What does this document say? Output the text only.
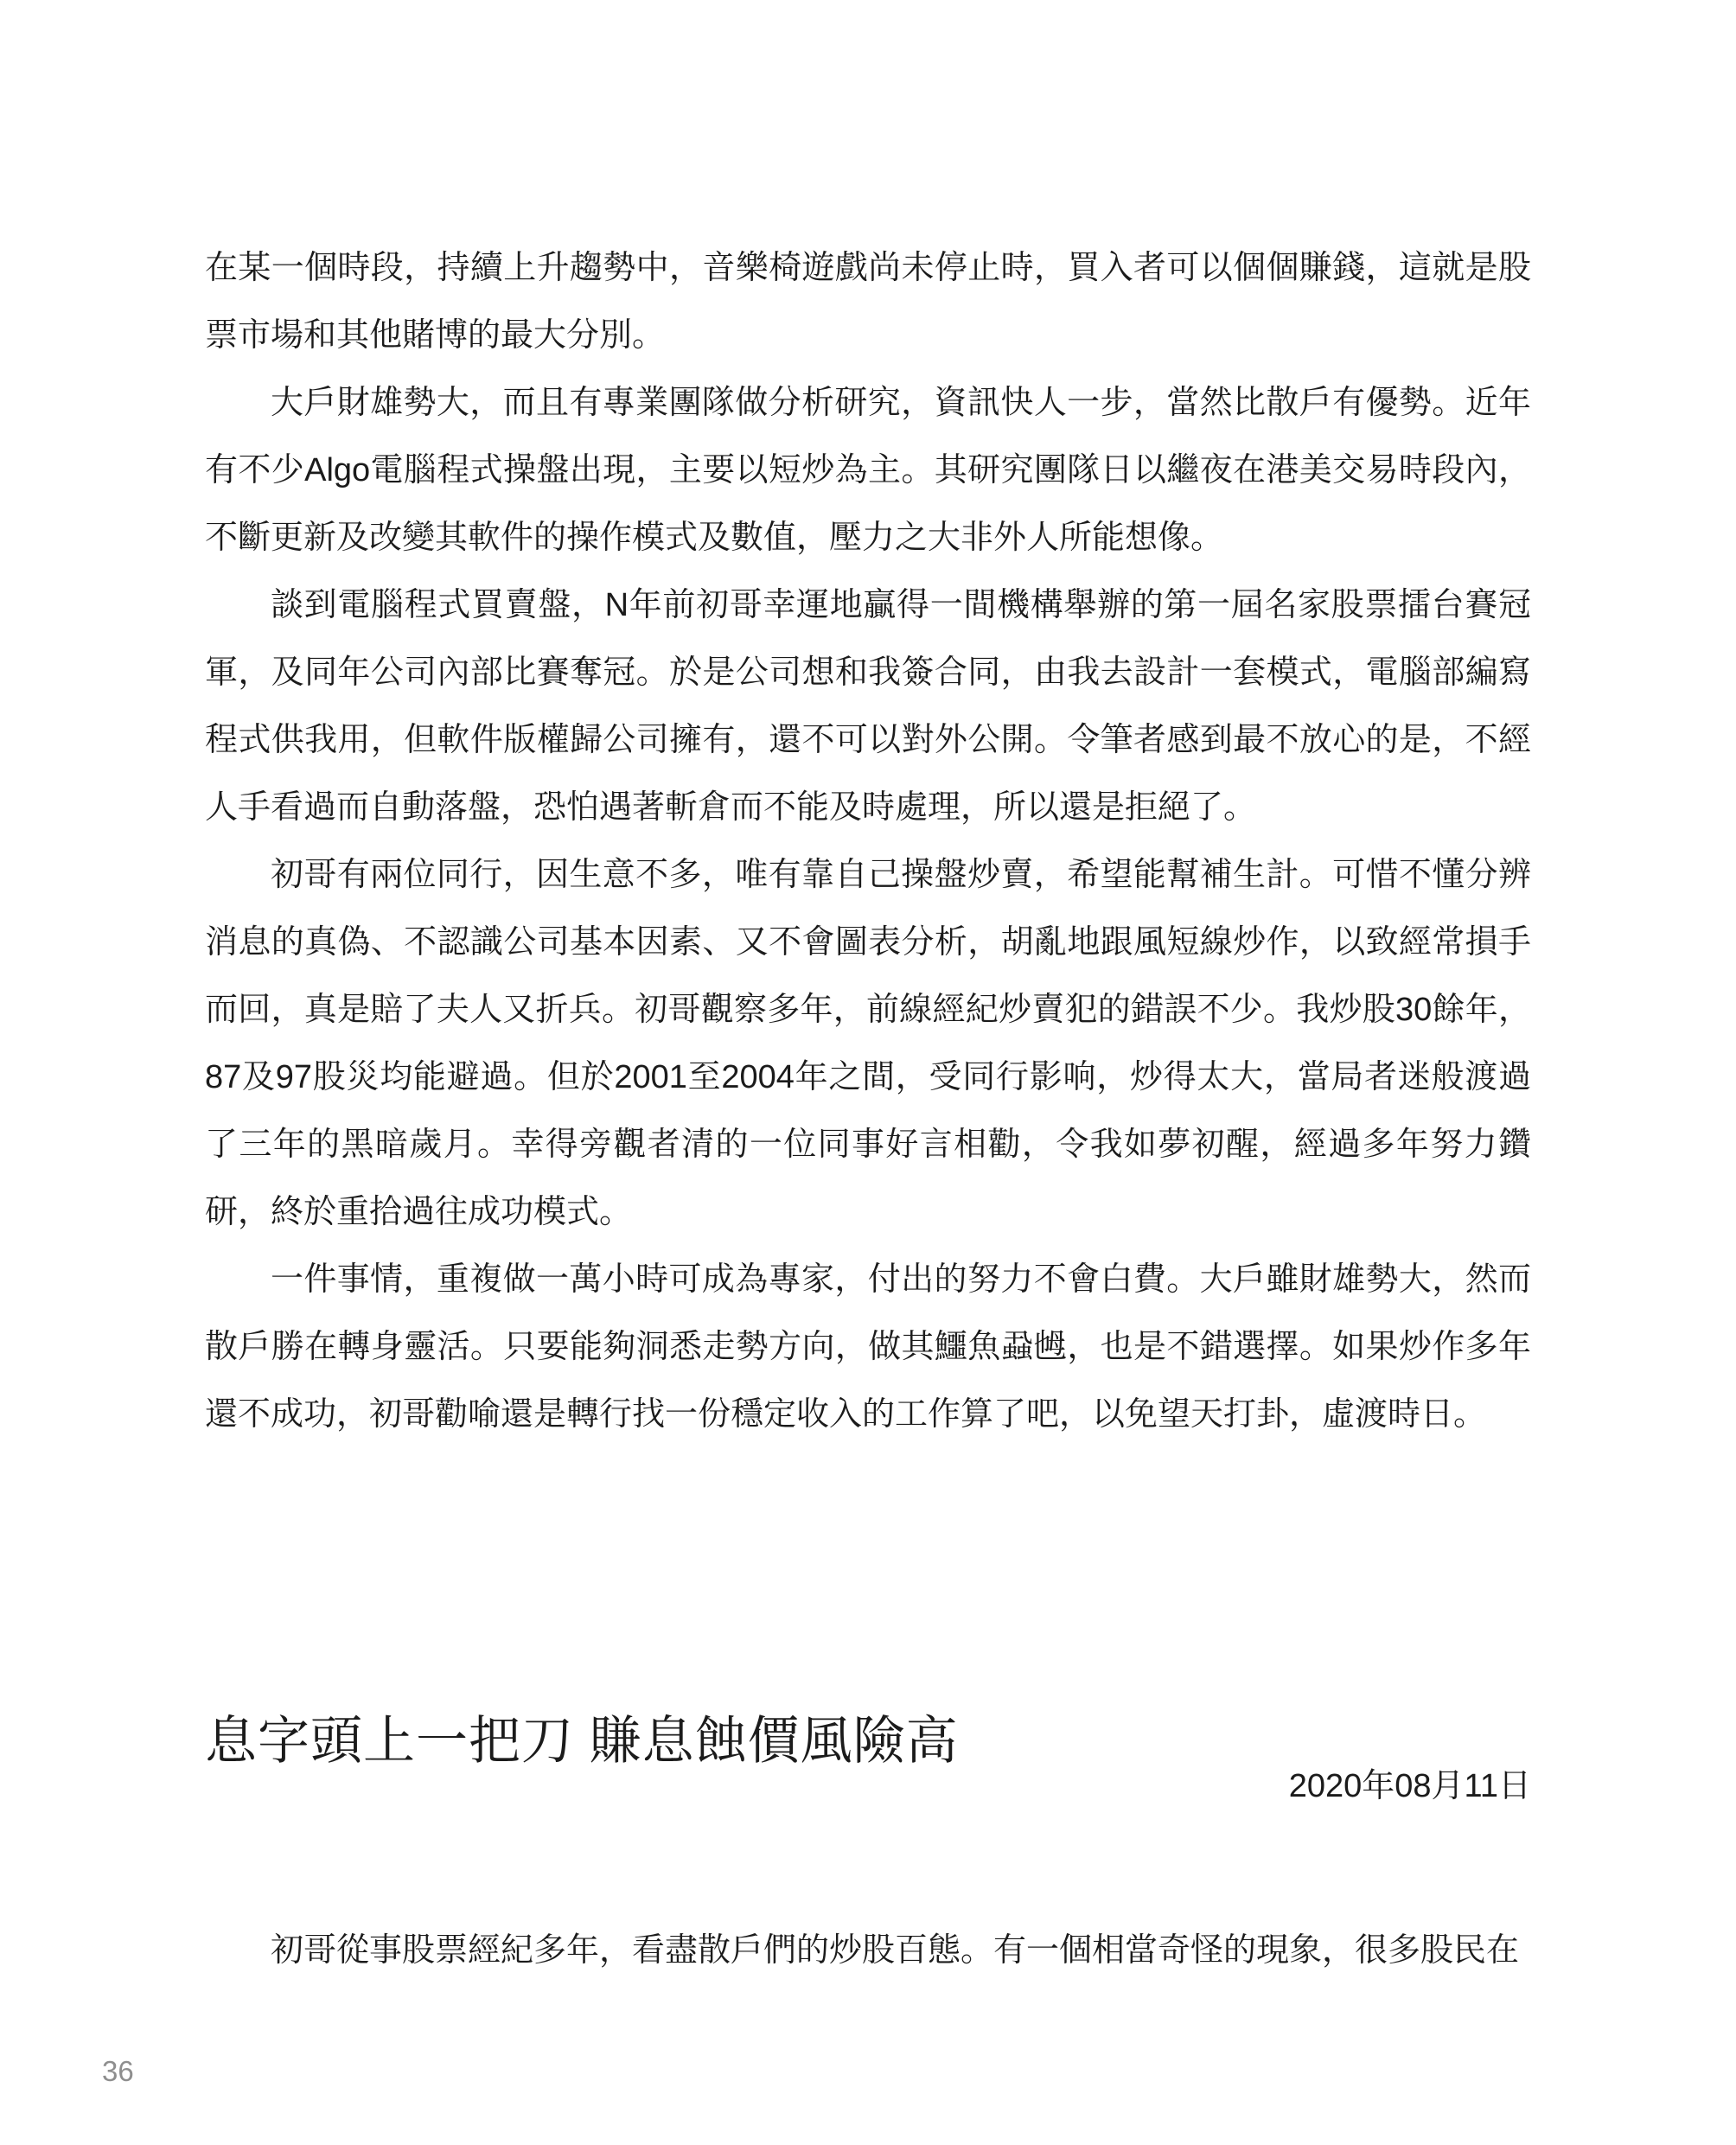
在某一個時段，持續上升趨勢中，音樂椅遊戲尚未停止時，買入者可以個個賺錢，這就是股票市場和其他賭博的最大分別。

大戶財雄勢大，而且有專業團隊做分析研究，資訊快人一步，當然比散戶有優勢。近年有不少Algo電腦程式操盤出現，主要以短炒為主。其研究團隊日以繼夜在港美交易時段內，不斷更新及改變其軟件的操作模式及數值，壓力之大非外人所能想像。

談到電腦程式買賣盤，N年前初哥幸運地贏得一間機構舉辦的第一屆名家股票擂台賽冠軍，及同年公司內部比賽奪冠。於是公司想和我簽合同，由我去設計一套模式，電腦部編寫程式供我用，但軟件版權歸公司擁有，還不可以對外公開。令筆者感到最不放心的是，不經人手看過而自動落盤，恐怕遇著斬倉而不能及時處理，所以還是拒絕了。

初哥有兩位同行，因生意不多，唯有靠自己操盤炒賣，希望能幫補生計。可惜不懂分辨消息的真偽、不認識公司基本因素、又不會圖表分析，胡亂地跟風短線炒作，以致經常損手而回，真是賠了夫人又折兵。初哥觀察多年，前線經紀炒賣犯的錯誤不少。我炒股30餘年，87及97股災均能避過。但於2001至2004年之間，受同行影响，炒得太大，當局者迷般渡過了三年的黑暗歲月。幸得旁觀者清的一位同事好言相勸，令我如夢初醒，經過多年努力鑽研，終於重拾過往成功模式。

一件事情，重複做一萬小時可成為專家，付出的努力不會白費。大戶雖財雄勢大，然而散戶勝在轉身靈活。只要能夠洞悉走勢方向，做其鱷魚蝨乸，也是不錯選擇。如果炒作多年還不成功，初哥勸喻還是轉行找一份穩定收入的工作算了吧，以免望天打卦，虛渡時日。

息字頭上一把刀 賺息蝕價風險高
2020年08月11日

初哥從事股票經紀多年，看盡散戶們的炒股百態。有一個相當奇怪的現象，很多股民在

36
